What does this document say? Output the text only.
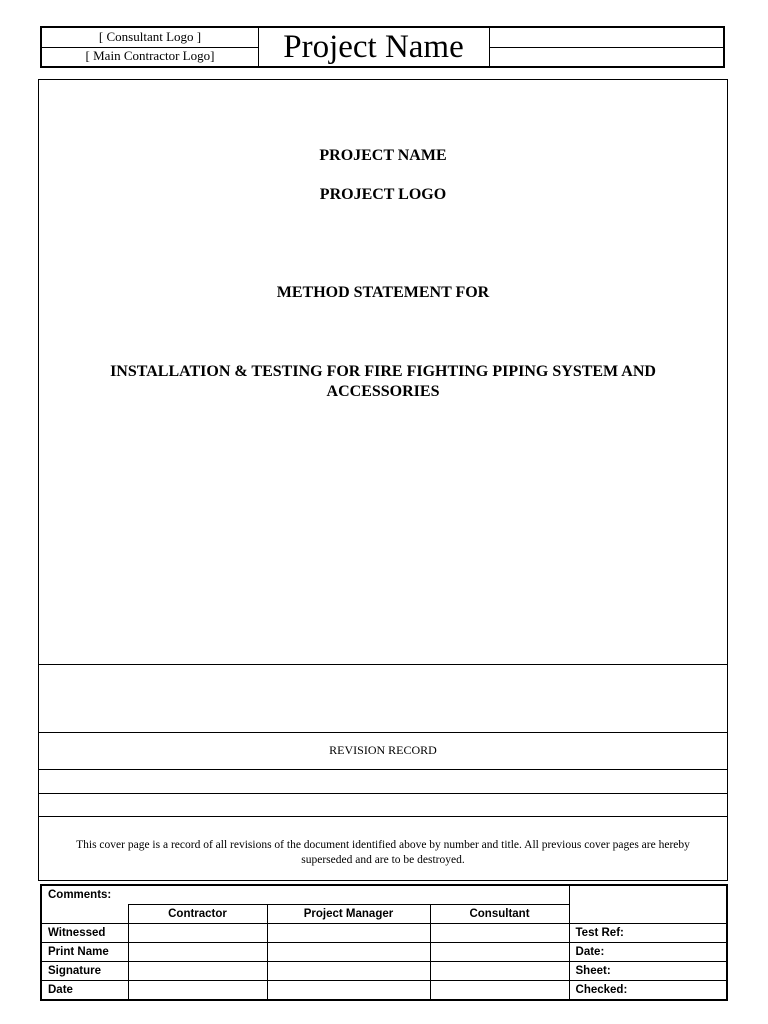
[ Consultant Logo ]
[ Main Contractor Logo]	Project Name
PROJECT NAME
PROJECT LOGO
METHOD STATEMENT FOR
INSTALLATION & TESTING FOR FIRE FIGHTING PIPING SYSTEM AND ACCESSORIES
REVISION RECORD
This cover page is a record of all revisions of the document identified above by number and title. All previous cover pages are hereby superseded and are to be destroyed.
Comments:				
	Contractor	Project Manager	Consultant	
Witnessed				Test Ref:
Print Name				Date:
Signature				Sheet:
Date				Checked:
